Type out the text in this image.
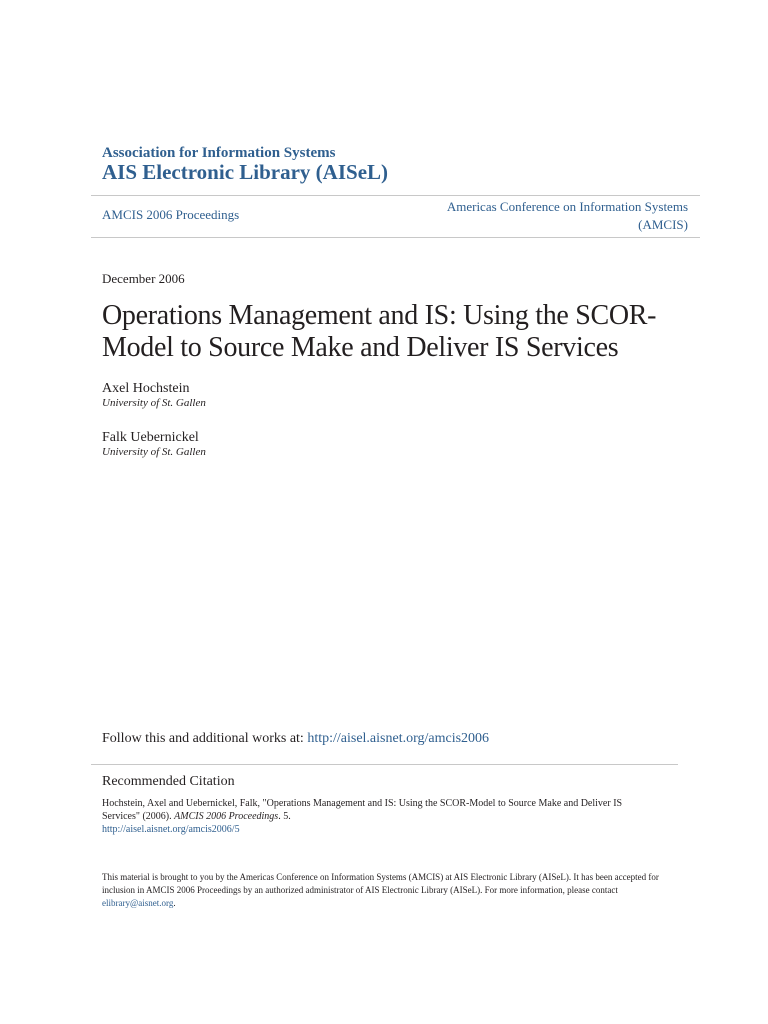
Association for Information Systems
AIS Electronic Library (AISeL)
AMCIS 2006 Proceedings
Americas Conference on Information Systems
(AMCIS)
December 2006
Operations Management and IS: Using the SCOR-Model to Source Make and Deliver IS Services
Axel Hochstein
University of St. Gallen
Falk Uebernickel
University of St. Gallen
Follow this and additional works at: http://aisel.aisnet.org/amcis2006
Recommended Citation
Hochstein, Axel and Uebernickel, Falk, "Operations Management and IS: Using the SCOR-Model to Source Make and Deliver IS Services" (2006). AMCIS 2006 Proceedings. 5.
http://aisel.aisnet.org/amcis2006/5
This material is brought to you by the Americas Conference on Information Systems (AMCIS) at AIS Electronic Library (AISeL). It has been accepted for inclusion in AMCIS 2006 Proceedings by an authorized administrator of AIS Electronic Library (AISeL). For more information, please contact
elibrary@aisnet.org.
